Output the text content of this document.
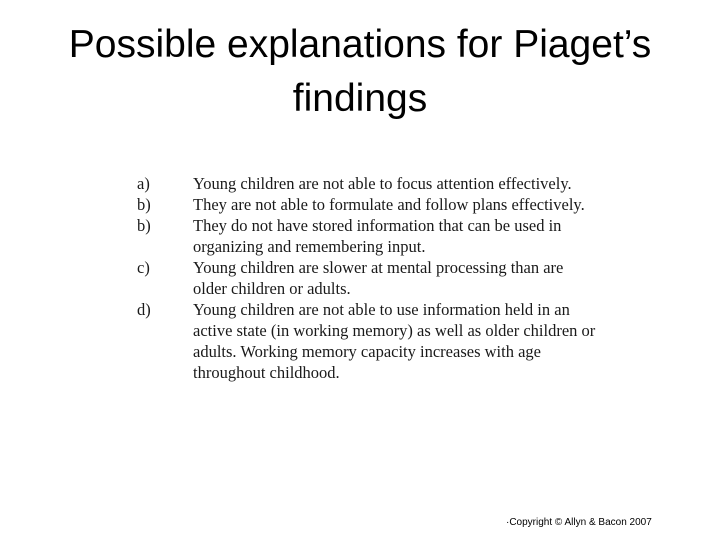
Possible explanations for Piaget’s
findings
a)	Young children are not able to focus attention effectively.
b)	They are not able to formulate and follow plans effectively.
b)	They do not have stored information that can be used in organizing and remembering input.
c)	Young children are slower at mental processing than are older children or adults.
d)	Young children are not able to use information held in an active state (in working memory) as well as older children or adults. Working memory capacity increases with age throughout childhood.
·Copyright © Allyn & Bacon 2007
